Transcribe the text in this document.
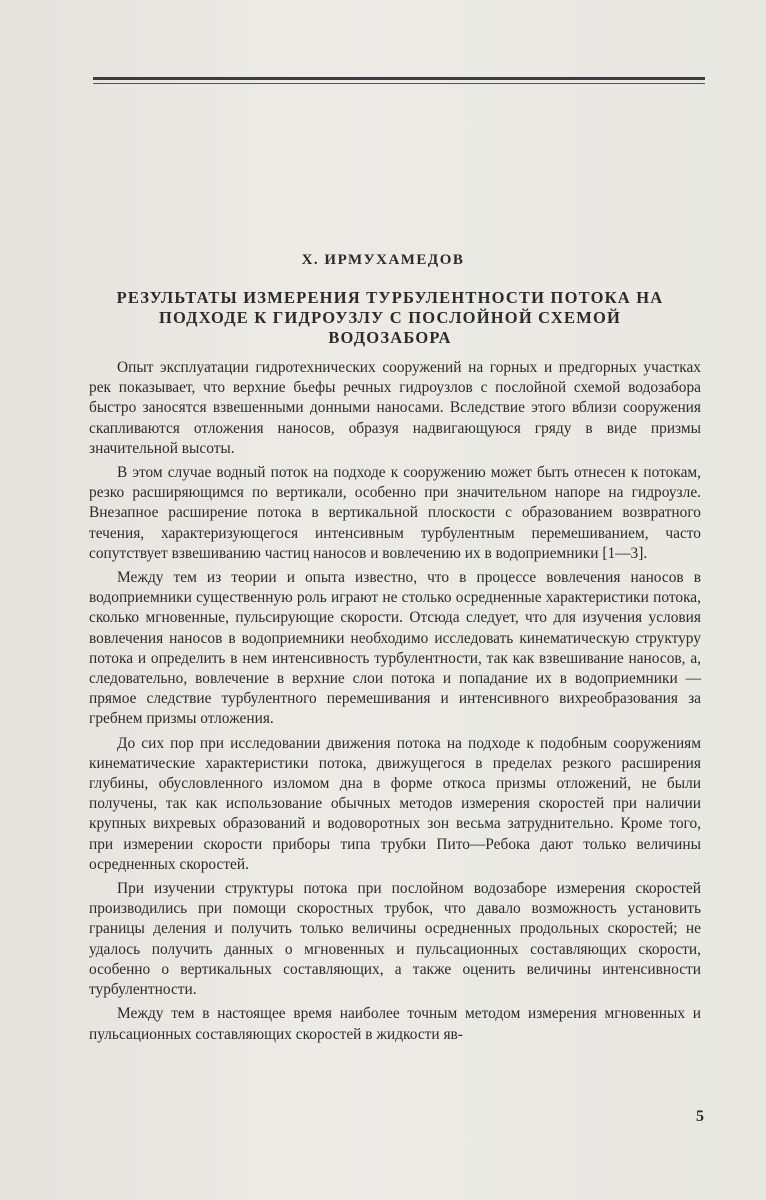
Х. ИРМУХАМЕДОВ
РЕЗУЛЬТАТЫ ИЗМЕРЕНИЯ ТУРБУЛЕНТНОСТИ ПОТОКА НА ПОДХОДЕ К ГИДРОУЗЛУ С ПОСЛОЙНОЙ СХЕМОЙ ВОДОЗАБОРА

Опыт эксплуатации гидротехнических сооружений на горных и предгорных участках рек показывает, что верхние бьефы речных гидроузлов с послойной схемой водозабора быстро заносятся взвешенными донными наносами. Вследствие этого вблизи сооружения скапливаются отложения наносов, образуя надвигающуюся гряду в виде призмы значительной высоты.

В этом случае водный поток на подходе к сооружению может быть отнесен к потокам, резко расширяющимся по вертикали, особенно при значительном напоре на гидроузле. Внезапное расширение потока в вертикальной плоскости с образованием возвратного течения, характеризующегося интенсивным турбулентным перемешиванием, часто сопутствует взвешиванию частиц наносов и вовлечению их в водоприемники [1—3].

Между тем из теории и опыта известно, что в процессе вовлечения наносов в водоприемники существенную роль играют не столько осредненные характеристики потока, сколько мгновенные, пульсирующие скорости. Отсюда следует, что для изучения условия вовлечения наносов в водоприемники необходимо исследовать кинематическую структуру потока и определить в нем интенсивность турбулентности, так как взвешивание наносов, а, следовательно, вовлечение в верхние слои потока и попадание их в водоприемники — прямое следствие турбулентного перемешивания и интенсивного вихреобразования за гребнем призмы отложения.

До сих пор при исследовании движения потока на подходе к подобным сооружениям кинематические характеристики потока, движущегося в пределах резкого расширения глубины, обусловленного изломом дна в форме откоса призмы отложений, не были получены, так как использование обычных методов измерения скоростей при наличии крупных вихревых образований и водоворотных зон весьма затруднительно. Кроме того, при измерении скорости приборы типа трубки Пито—Ребока дают только величины осредненных скоростей.

При изучении структуры потока при послойном водозаборе измерения скоростей производились при помощи скоростных трубок, что давало возможность установить границы деления и получить только величины осредненных продольных скоростей; не удалось получить данных о мгновенных и пульсационных составляющих скорости, особенно о вертикальных составляющих, а также оценить величины интенсивности турбулентности.

Между тем в настоящее время наиболее точным методом измерения мгновенных и пульсационных составляющих скоростей в жидкости яв-

5
